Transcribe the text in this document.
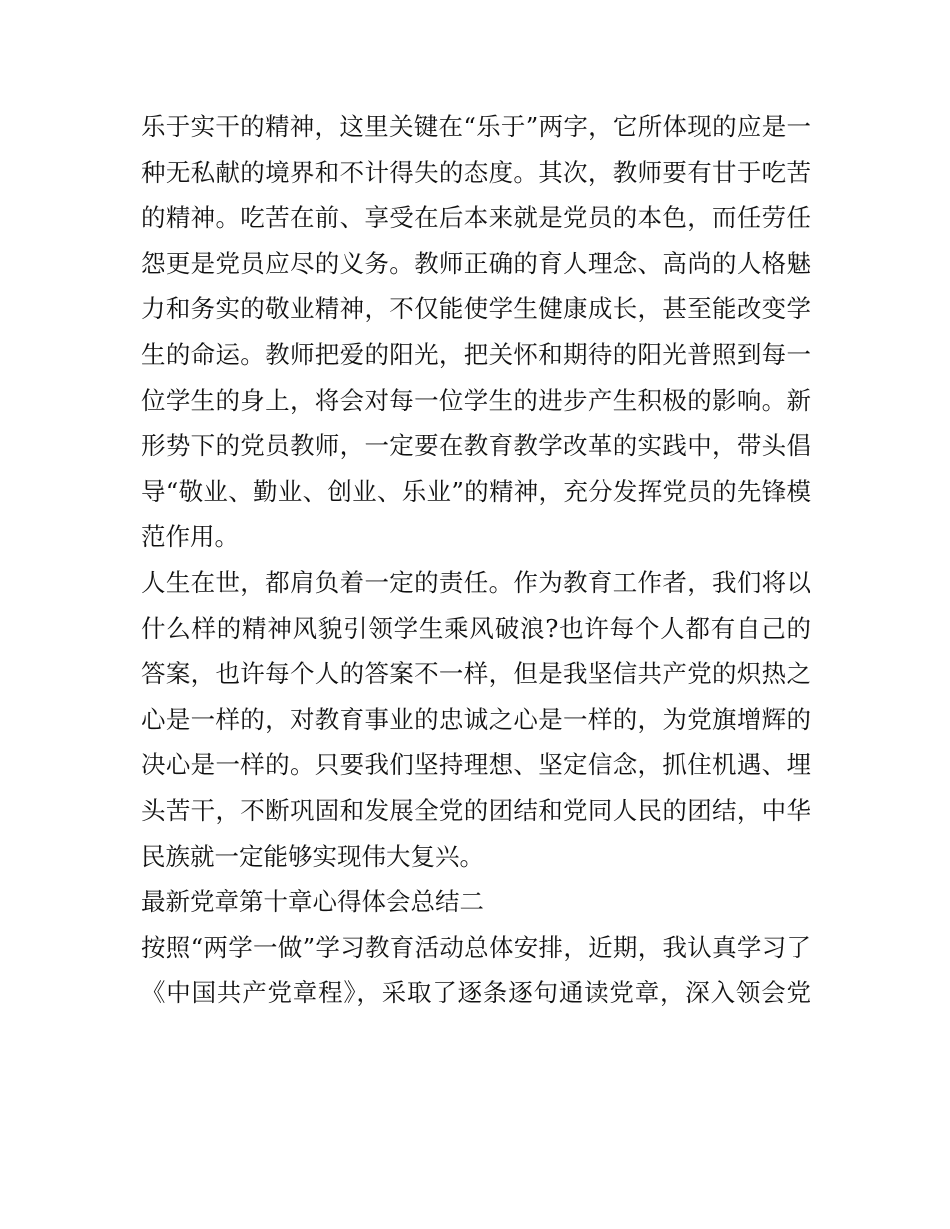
乐于实干的精神，这里关键在“乐于”两字，它所体现的应是一
种无私献的境界和不计得失的态度。其次，教师要有甘于吃苦
的精神。吃苦在前、享受在后本来就是党员的本色，而任劳任
怨更是党员应尽的义务。教师正确的育人理念、高尚的人格魅
力和务实的敬业精神，不仅能使学生健康成长，甚至能改变学
生的命运。教师把爱的阳光，把关怀和期待的阳光普照到每一
位学生的身上，将会对每一位学生的进步产生积极的影响。新
形势下的党员教师，一定要在教育教学改革的实践中，带头倡
导“敬业、勤业、创业、乐业”的精神，充分发挥党员的先锋模
范作用。
人生在世，都肩负着一定的责任。作为教育工作者，我们将以
什么样的精神风貌引领学生乘风破浪?也许每个人都有自己的
答案，也许每个人的答案不一样，但是我坚信共产党的炽热之
心是一样的，对教育事业的忠诚之心是一样的，为党旗增辉的
决心是一样的。只要我们坚持理想、坚定信念，抓住机遇、埋
头苦干，不断巩固和发展全党的团结和党同人民的团结，中华
民族就一定能够实现伟大复兴。
最新党章第十章心得体会总结二
按照“两学一做”学习教育活动总体安排，近期，我认真学习了
《中国共产党章程》，采取了逐条逐句通读党章，深入领会党
